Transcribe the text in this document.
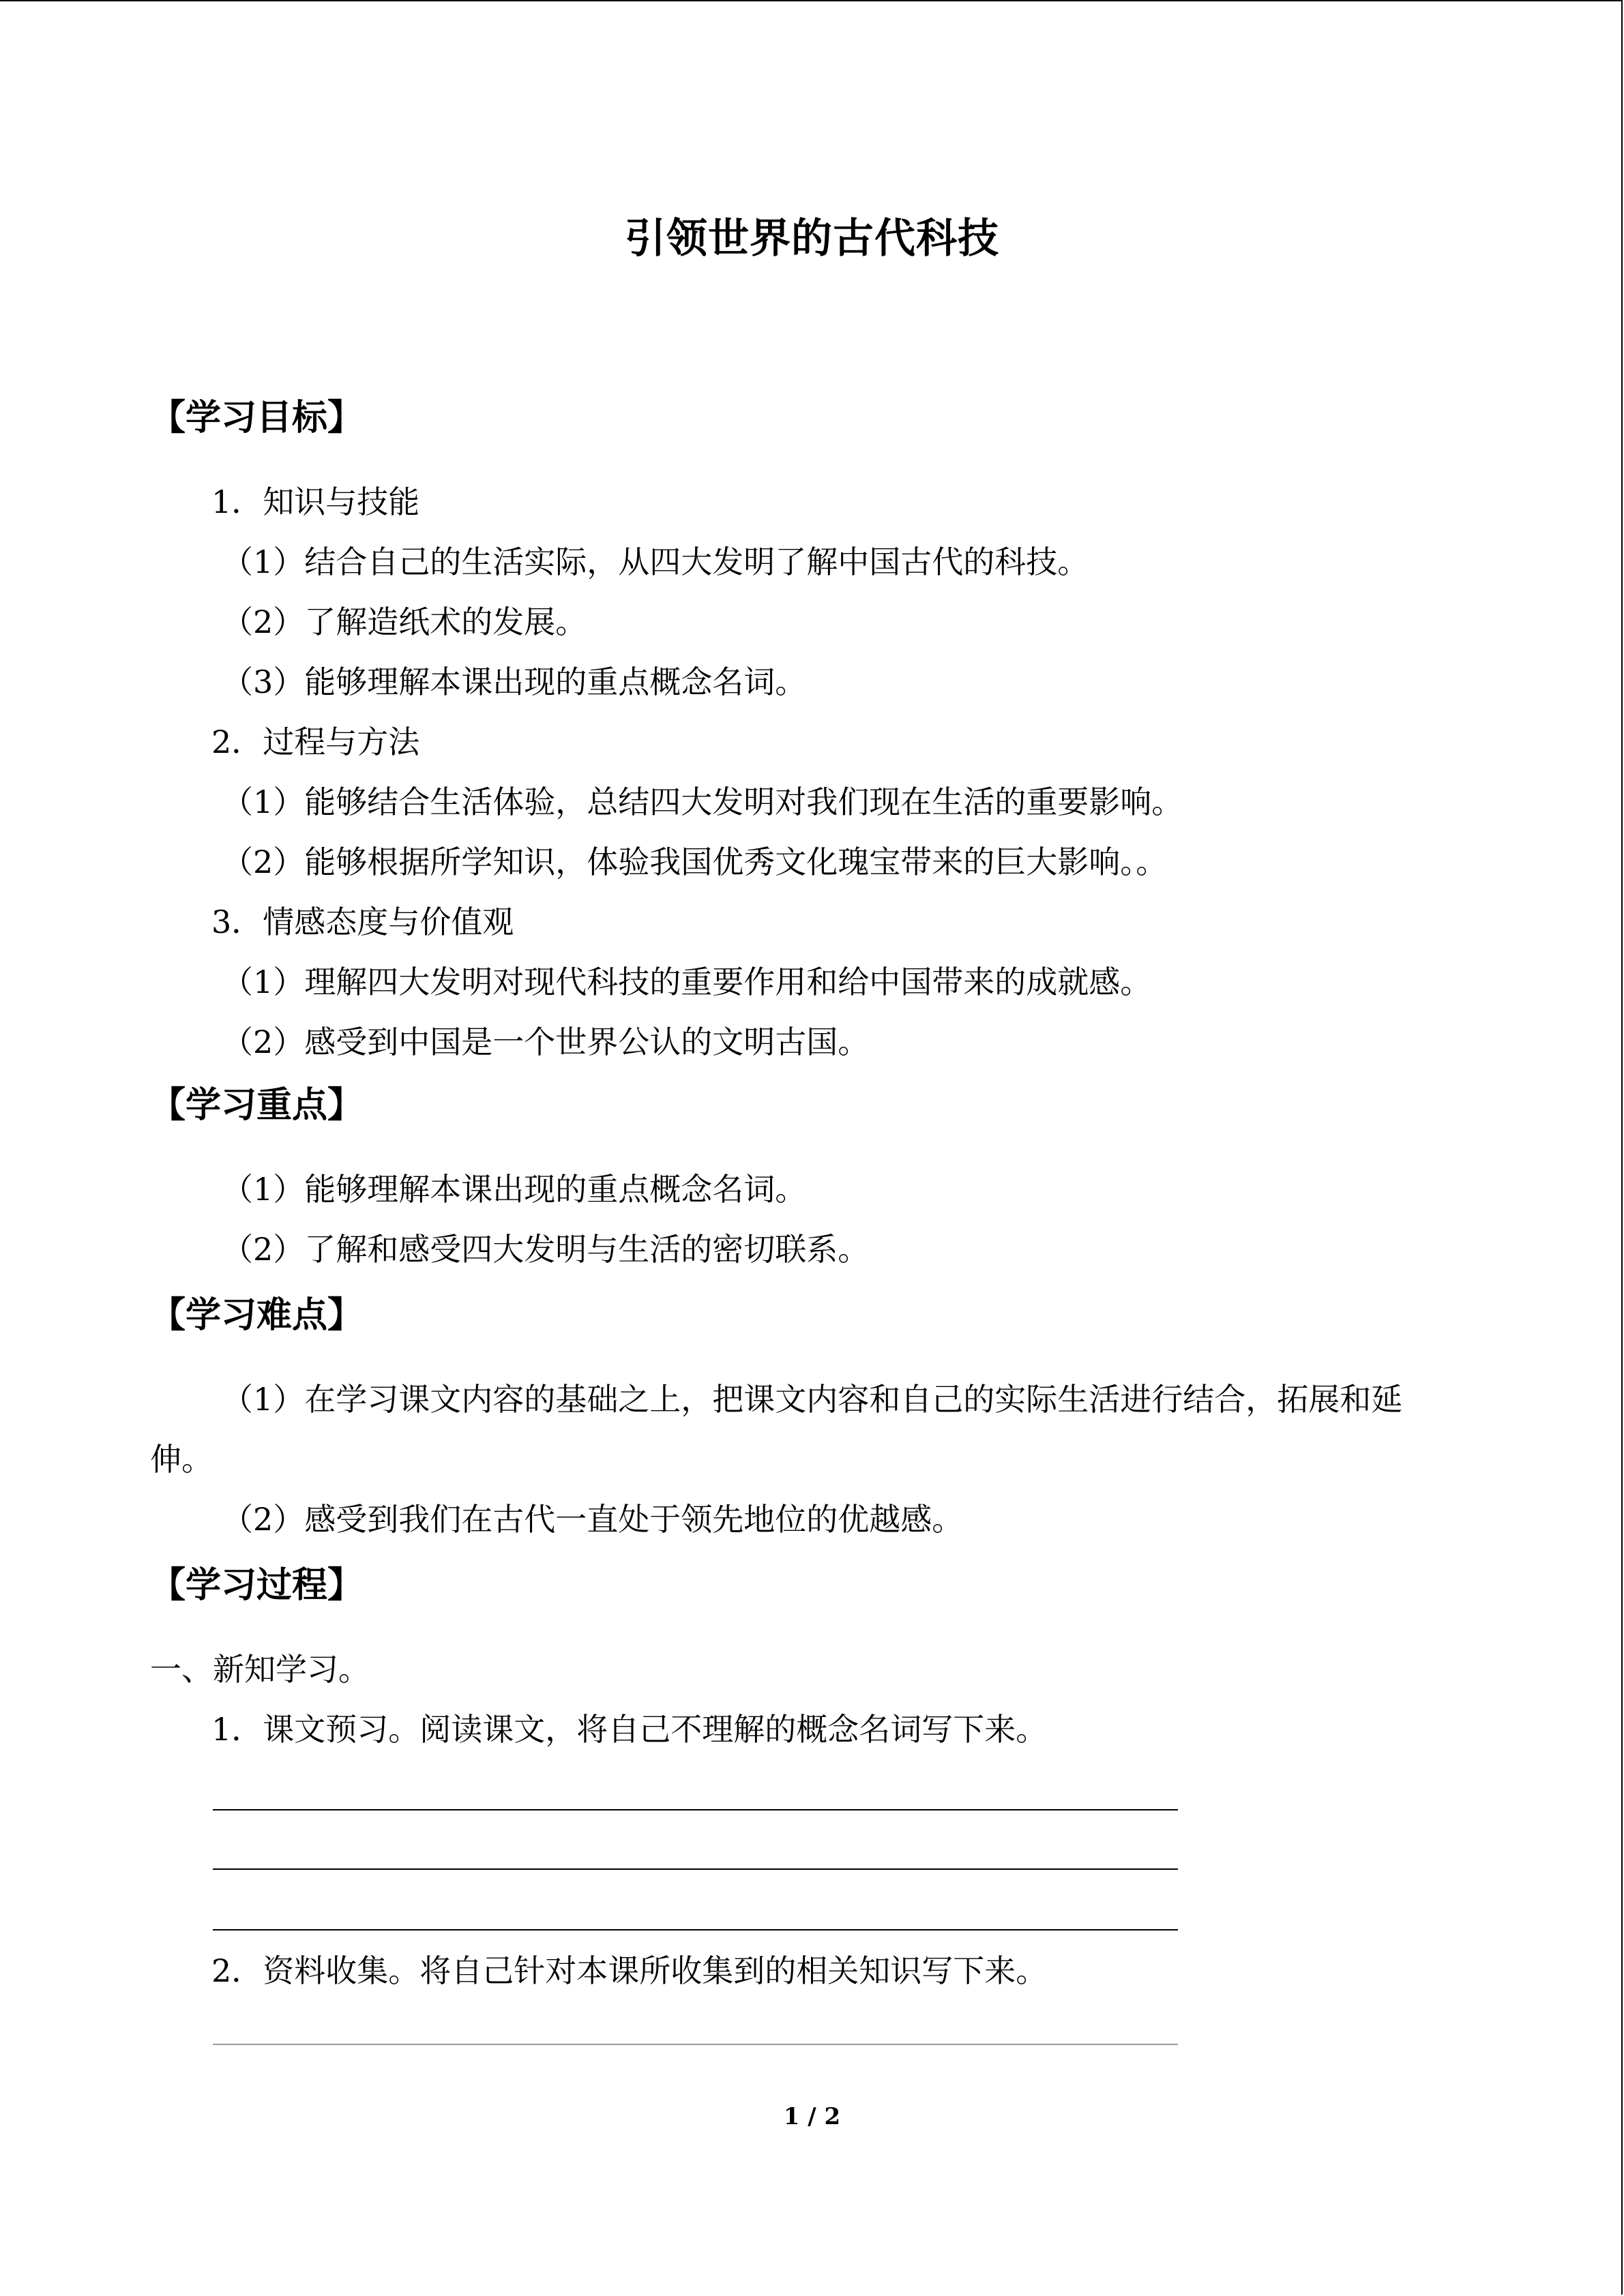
引领世界的古代科技
【学习目标】
1．知识与技能
（1）结合自己的生活实际，从四大发明了解中国古代的科技。
（2）了解造纸术的发展。
（3）能够理解本课出现的重点概念名词。
2．过程与方法
（1）能够结合生活体验，总结四大发明对我们现在生活的重要影响。
（2）能够根据所学知识，体验我国优秀文化瑰宝带来的巨大影响。。
3．情感态度与价值观
（1）理解四大发明对现代科技的重要作用和给中国带来的成就感。
（2）感受到中国是一个世界公认的文明古国。
【学习重点】
（1）能够理解本课出现的重点概念名词。
（2）了解和感受四大发明与生活的密切联系。
【学习难点】
（1）在学习课文内容的基础之上，把课文内容和自己的实际生活进行结合，拓展和延
伸。
（2）感受到我们在古代一直处于领先地位的优越感。
【学习过程】
一、新知学习。
1．课文预习。阅读课文，将自己不理解的概念名词写下来。
2．资料收集。将自己针对本课所收集到的相关知识写下来。
1 / 2
